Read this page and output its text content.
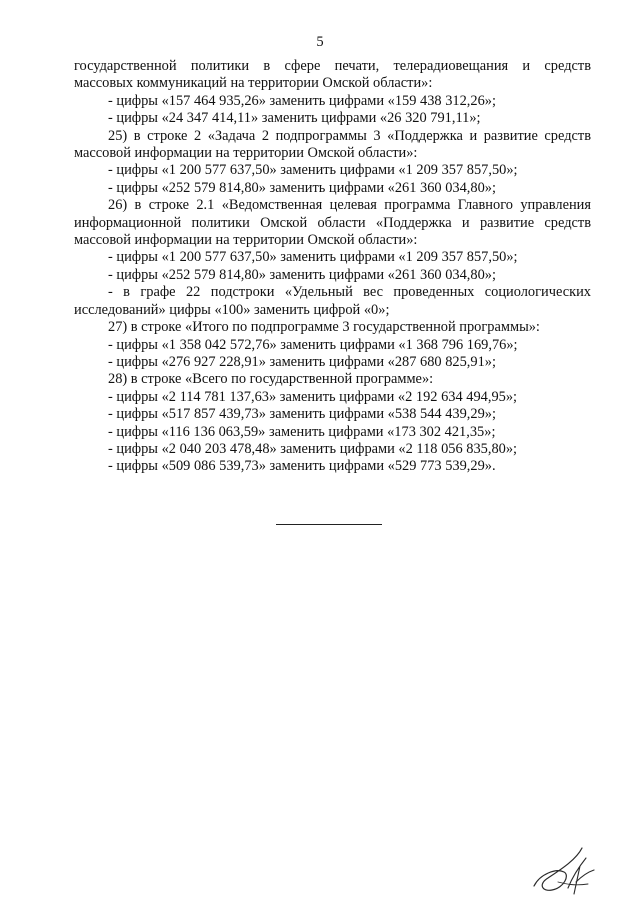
5

государственной политики в сфере печати, телерадиовещания и средств

массовых коммуникаций на территории Омской области»:

- цифры «157 464 935,26» заменить цифрами «159 438 312,26»;

- цифры «24 347 414,11» заменить цифрами «26 320 791,11»;

25) в строке 2 «Задача 2 подпрограммы 3 «Поддержка и развитие средств

массовой информации на территории Омской области»:

- цифры «1 200 577 637,50» заменить цифрами «1 209 357 857,50»;

- цифры «252 579 814,80» заменить цифрами «261 360 034,80»;

26) в строке 2.1 «Ведомственная целевая программа Главного управления

информационной политики Омской области «Поддержка и развитие средств

массовой информации на территории Омской области»:

- цифры «1 200 577 637,50» заменить цифрами «1 209 357 857,50»;

- цифры «252 579 814,80» заменить цифрами «261 360 034,80»;

- в графе 22 подстроки «Удельный вес проведенных социологических

исследований» цифры «100» заменить цифрой «0»;

27) в строке «Итого по подпрограмме 3 государственной программы»:

- цифры «1 358 042 572,76» заменить цифрами «1 368 796 169,76»;

- цифры «276 927 228,91» заменить цифрами «287 680 825,91»;

28) в строке «Всего по государственной программе»:

- цифры «2 114 781 137,63» заменить цифрами «2 192 634 494,95»;

- цифры «517 857 439,73» заменить цифрами «538 544 439,29»;

- цифры «116 136 063,59» заменить цифрами «173 302 421,35»;

- цифры «2 040 203 478,48» заменить цифрами «2 118 056 835,80»;

- цифры «509 086 539,73» заменить цифрами «529 773 539,29».
